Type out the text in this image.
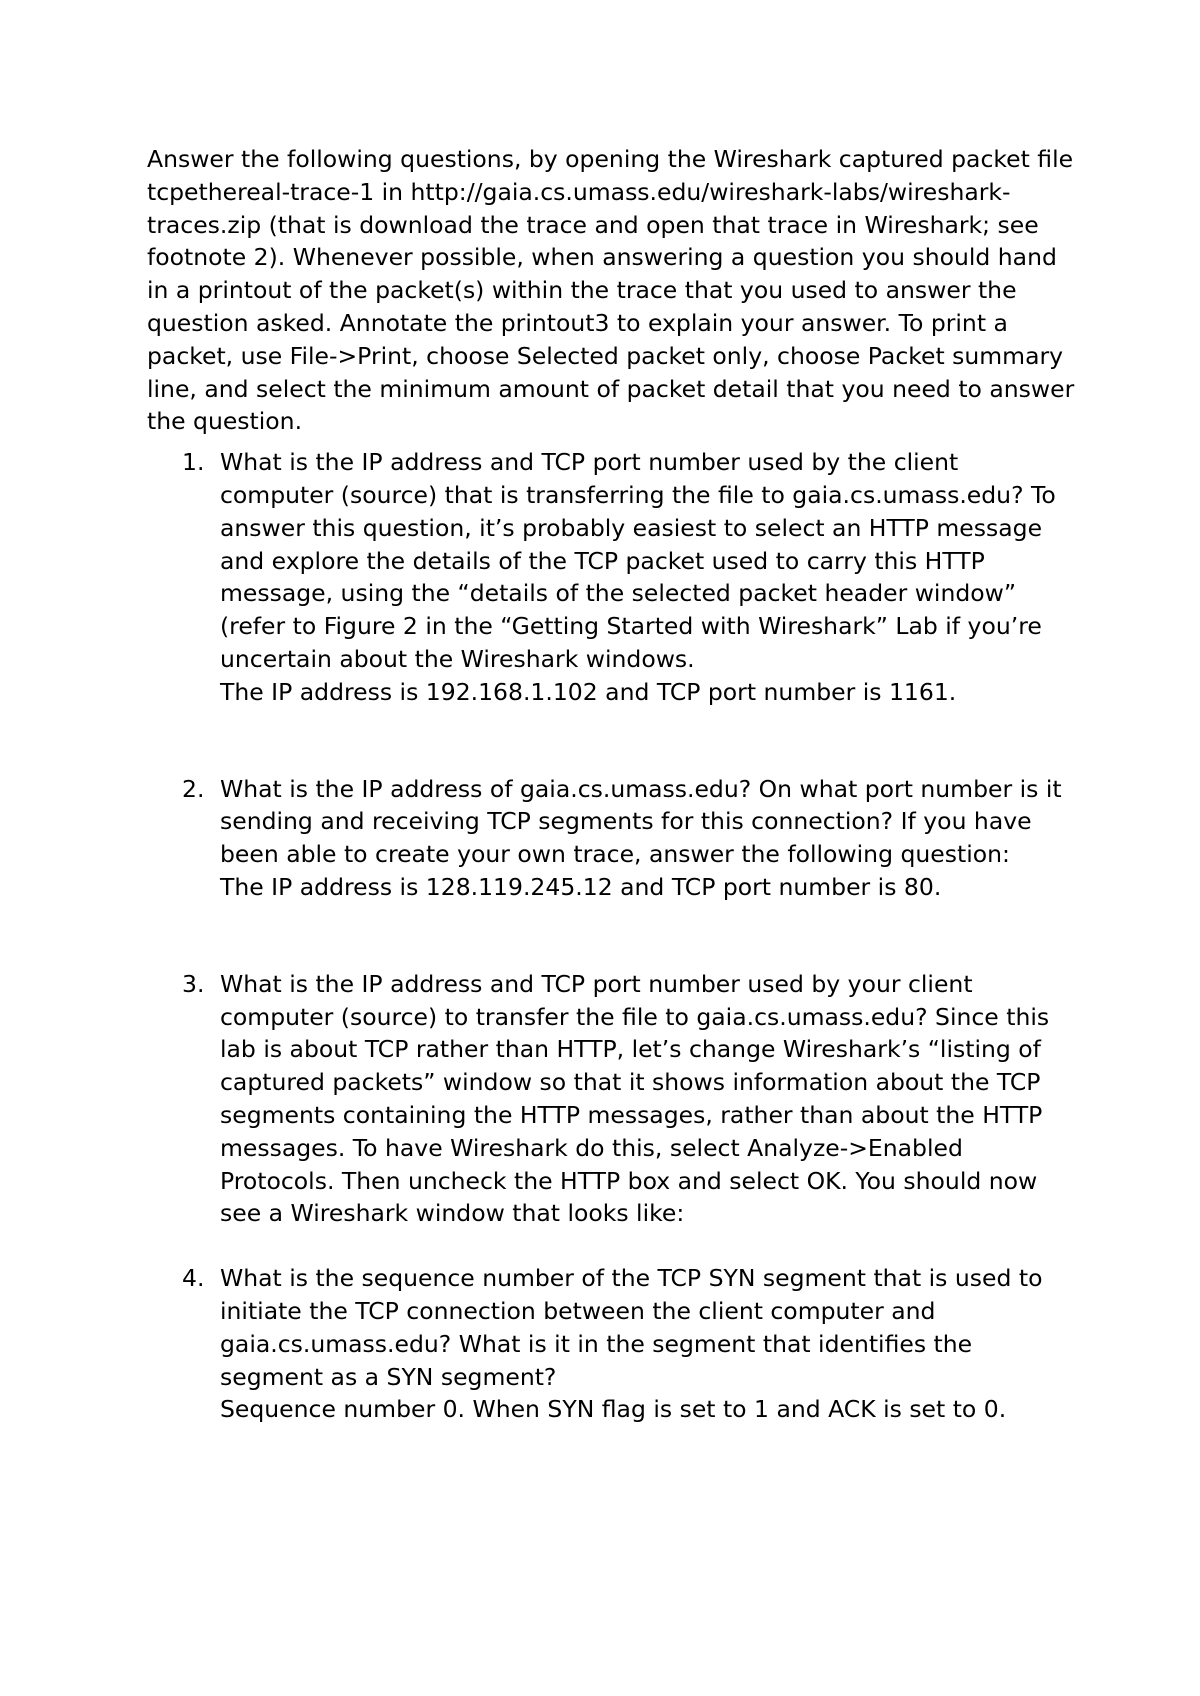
Answer the following questions, by opening the Wireshark captured packet file tcpethereal-trace-1 in http://gaia.cs.umass.edu/wireshark-labs/wireshark-traces.zip (that is download the trace and open that trace in Wireshark; see footnote 2). Whenever possible, when answering a question you should hand in a printout of the packet(s) within the trace that you used to answer the question asked. Annotate the printout3 to explain your answer. To print a packet, use File->Print, choose Selected packet only, choose Packet summary line, and select the minimum amount of packet detail that you need to answer the question.

1. What is the IP address and TCP port number used by the client computer (source) that is transferring the file to gaia.cs.umass.edu? To answer this question, it’s probably easiest to select an HTTP message and explore the details of the TCP packet used to carry this HTTP message, using the “details of the selected packet header window” (refer to Figure 2 in the “Getting Started with Wireshark” Lab if you’re uncertain about the Wireshark windows.

The IP address is 192.168.1.102 and TCP port number is 1161.

2. What is the IP address of gaia.cs.umass.edu? On what port number is it sending and receiving TCP segments for this connection? If you have been able to create your own trace, answer the following question:

The IP address is 128.119.245.12 and TCP port number is 80.

3. What is the IP address and TCP port number used by your client computer (source) to transfer the file to gaia.cs.umass.edu? Since this lab is about TCP rather than HTTP, let’s change Wireshark’s “listing of captured packets” window so that it shows information about the TCP segments containing the HTTP messages, rather than about the HTTP messages. To have Wireshark do this, select Analyze->Enabled Protocols. Then uncheck the HTTP box and select OK. You should now see a Wireshark window that looks like:

4. What is the sequence number of the TCP SYN segment that is used to initiate the TCP connection between the client computer and gaia.cs.umass.edu? What is it in the segment that identifies the segment as a SYN segment?

Sequence number 0. When SYN flag is set to 1 and ACK is set to 0.
